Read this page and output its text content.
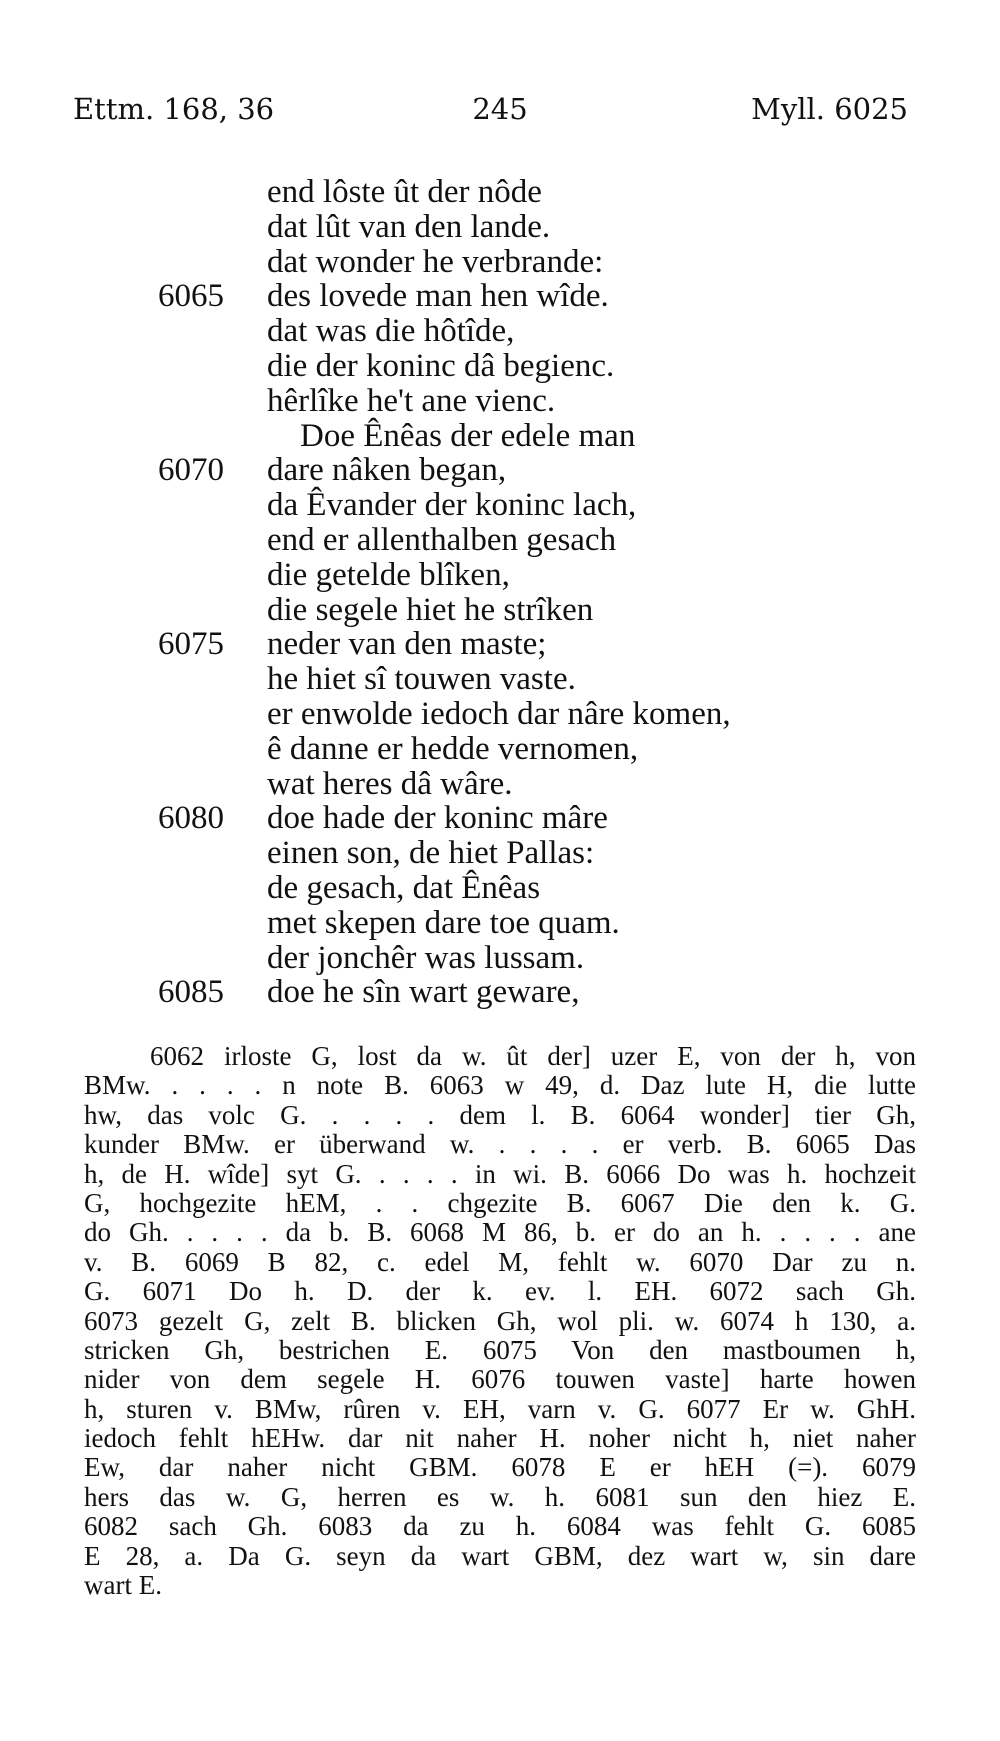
Ettm. 168, 36	245	Myll. 6025
end lôste ût der nôde
dat lût van den lande.
dat wonder he verbrande:
6065	des lovede man hen wîde.
dat was die hôtîde,
die der koninc dâ begienc.
hêrlîke he't ane vienc.
Doe Ênêas der edele man
6070	dare nâken began,
da Êvander der koninc lach,
end er allenthalben gesach
die getelde blîken,
die segele hiet he strîken
6075	neder van den maste;
he hiet sî touwen vaste.
er enwolde iedoch dar nâre komen,
ê danne er hedde vernomen,
wat heres dâ wâre.
6080	doe hade der koninc mâre
einen son, de hiet Pallas:
de gesach, dat Ênêas
met skepen dare toe quam.
der jonchêr was lussam.
6085	doe he sîn wart geware,
6062 irloste G, lost da w. ût der] uzer E, von der h, von
BMw. . . . . n note B. 6063 w 49, d. Daz lute H, die lutte
hw, das volc G. . . . . dem l. B. 6064 wonder] tier Gh,
kunder BMw. er überwand w. . . . . er verb. B. 6065 Das
h, de H. wîde] syt G. . . . . in wi. B. 6066 Do was h. hochzeit
G, hochgezite hEM, . . chgezite B. 6067 Die den k. G.
do Gh. . . . . da b. B. 6068 M 86, b. er do an h. . . . . ane
v. B. 6069 B 82, c. edel M, fehlt w. 6070 Dar zu n.
G. 6071 Do h. D. der k. ev. l. EH. 6072 sach Gh.
6073 gezelt G, zelt B. blicken Gh, wol pli. w. 6074 h 130, a.
stricken Gh, bestrichen E. 6075 Von den mastboumen h,
nider von dem segele H. 6076 touwen vaste] harte howen
h, sturen v. BMw, rûren v. EH, varn v. G. 6077 Er w. GhH.
iedoch fehlt hEHw. dar nit naher H. noher nicht h, niet naher
Ew, dar naher nicht GBM. 6078 E er hEH (=). 6079
hers das w. G, herren es w. h. 6081 sun den hiez E.
6082 sach Gh. 6083 da zu h. 6084 was fehlt G. 6085
E 28, a. Da G. seyn da wart GBM, dez wart w, sin dare
wart E.
